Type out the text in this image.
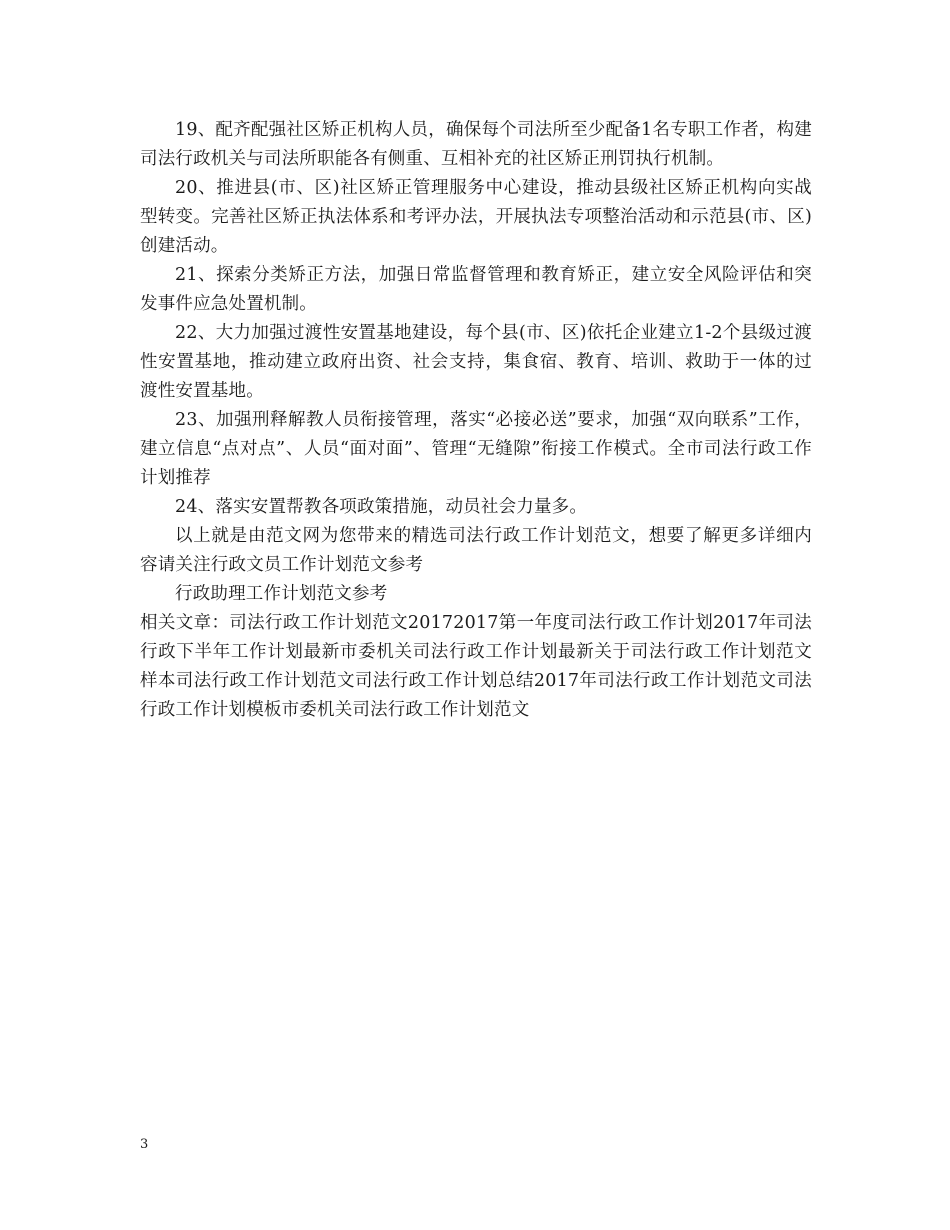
19、配齐配强社区矫正机构人员，确保每个司法所至少配备1名专职工作者，构建司法行政机关与司法所职能各有侧重、互相补充的社区矫正刑罚执行机制。

20、推进县(市、区)社区矫正管理服务中心建设，推动县级社区矫正机构向实战型转变。完善社区矫正执法体系和考评办法，开展执法专项整治活动和示范县(市、区)创建活动。

21、探索分类矫正方法，加强日常监督管理和教育矫正，建立安全风险评估和突发事件应急处置机制。

22、大力加强过渡性安置基地建设，每个县(市、区)依托企业建立1-2个县级过渡性安置基地，推动建立政府出资、社会支持，集食宿、教育、培训、救助于一体的过渡性安置基地。

23、加强刑释解教人员衔接管理，落实“必接必送”要求，加强“双向联系”工作，建立信息“点对点”、人员“面对面”、管理“无缝隙”衔接工作模式。全市司法行政工作计划推荐

24、落实安置帮教各项政策措施，动员社会力量多。

以上就是由范文网为您带来的精选司法行政工作计划范文，想要了解更多详细内容请关注行政文员工作计划范文参考

行政助理工作计划范文参考

相关文章：司法行政工作计划范文20172017第一年度司法行政工作计划2017年司法行政下半年工作计划最新市委机关司法行政工作计划最新关于司法行政工作计划范文样本司法行政工作计划范文司法行政工作计划总结2017年司法行政工作计划范文司法行政工作计划模板市委机关司法行政工作计划范文

3
